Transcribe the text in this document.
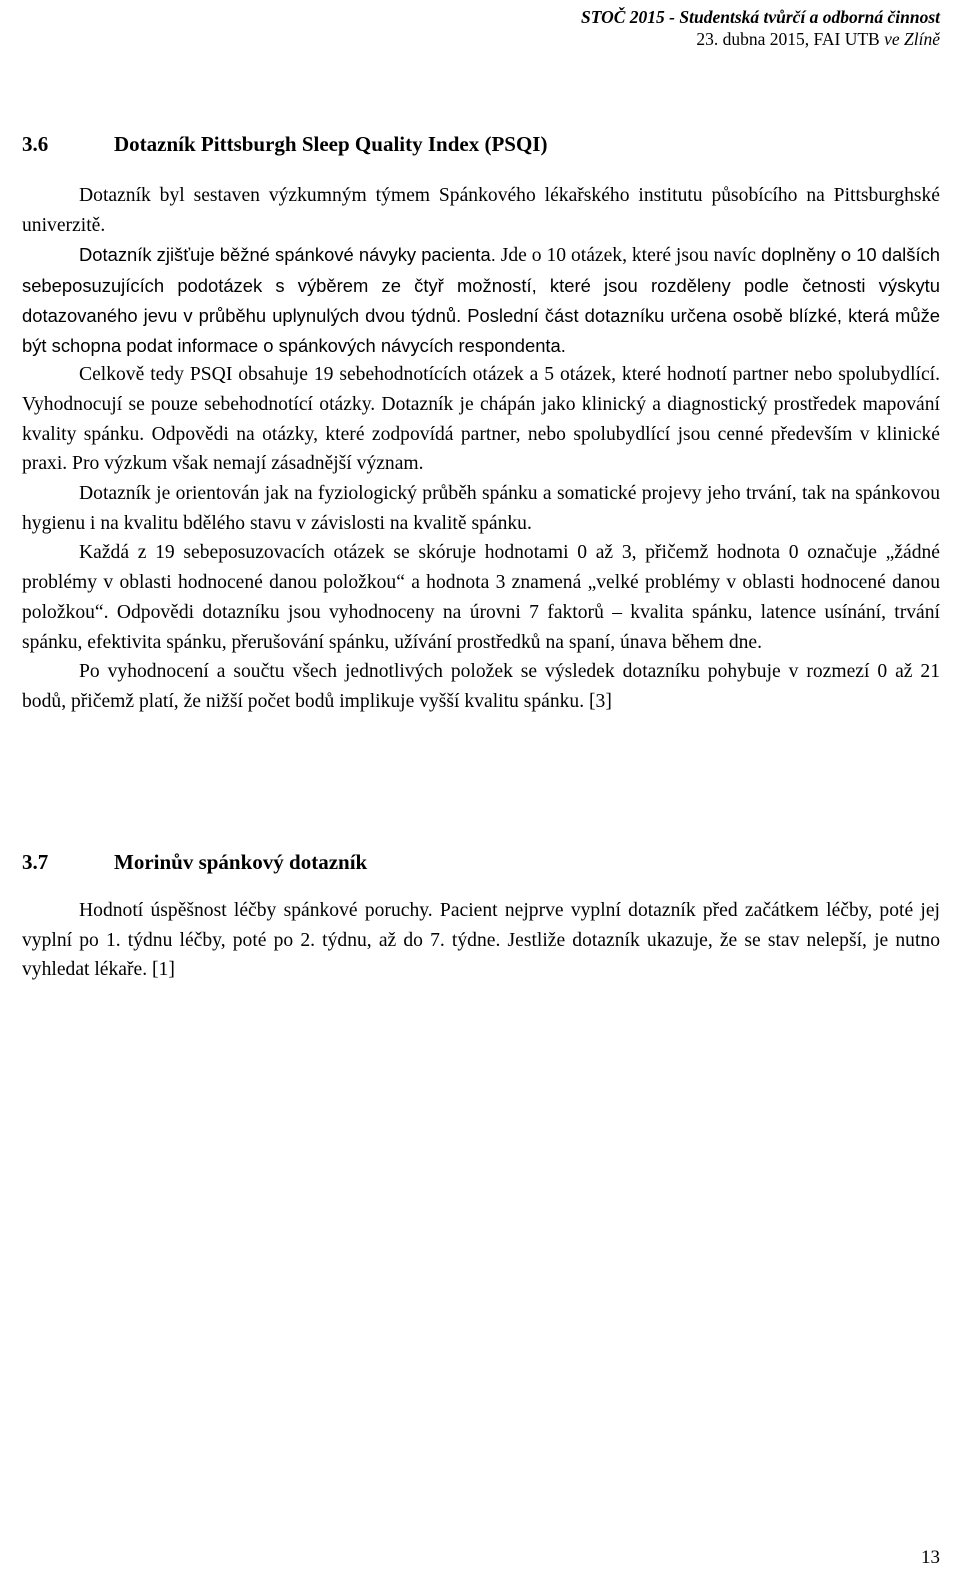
STOČ 2015 - Studentská tvůrčí a odborná činnost
23. dubna 2015, FAI UTB ve Zlíně
3.6	Dotazník Pittsburgh Sleep Quality Index (PSQI)

Dotazník byl sestaven výzkumným týmem Spánkového lékařského institutu působícího na Pittsburghské univerzitě.

Dotazník zjišťuje běžné spánkové návyky pacienta. Jde o 10 otázek, které jsou navíc doplněny o 10 dalších sebeposuzujících podotázek s výběrem ze čtyř možností, které jsou rozděleny podle četnosti výskytu dotazovaného jevu v průběhu uplynulých dvou týdnů. Poslední část dotazníku určena osobě blízké, která může být schopna podat informace o spánkových návycích respondenta.

Celkově tedy PSQI obsahuje 19 sebehodnotících otázek a 5 otázek, které hodnotí partner nebo spolubydlící. Vyhodnocují se pouze sebehodnotící otázky. Dotazník je chápán jako klinický a diagnostický prostředek mapování kvality spánku. Odpovědi na otázky, které zodpovídá partner, nebo spolubydlící jsou cenné především v klinické praxi. Pro výzkum však nemají zásadnější význam.

Dotazník je orientován jak na fyziologický průběh spánku a somatické projevy jeho trvání, tak na spánkovou hygienu i na kvalitu bdělého stavu v závislosti na kvalitě spánku.

Každá z 19 sebeposuzovacích otázek se skóruje hodnotami 0 až 3, přičemž hodnota 0 označuje „žádné problémy v oblasti hodnocené danou položkou“ a hodnota 3 znamená „velké problémy v oblasti hodnocené danou položkou“. Odpovědi dotazníku jsou vyhodnoceny na úrovni 7 faktorů – kvalita spánku, latence usínání, trvání spánku, efektivita spánku, přerušování spánku, užívání prostředků na spaní, únava během dne.

Po vyhodnocení a součtu všech jednotlivých položek se výsledek dotazníku pohybuje v rozmezí 0 až 21 bodů, přičemž platí, že nižší počet bodů implikuje vyšší kvalitu spánku. [3]

3.7	Morinův spánkový dotazník

Hodnotí úspěšnost léčby spánkové poruchy. Pacient nejprve vyplní dotazník před začátkem léčby, poté jej vyplní po 1. týdnu léčby, poté po 2. týdnu, až do 7. týdne. Jestliže dotazník ukazuje, že se stav nelepší, je nutno vyhledat lékaře. [1]

13
